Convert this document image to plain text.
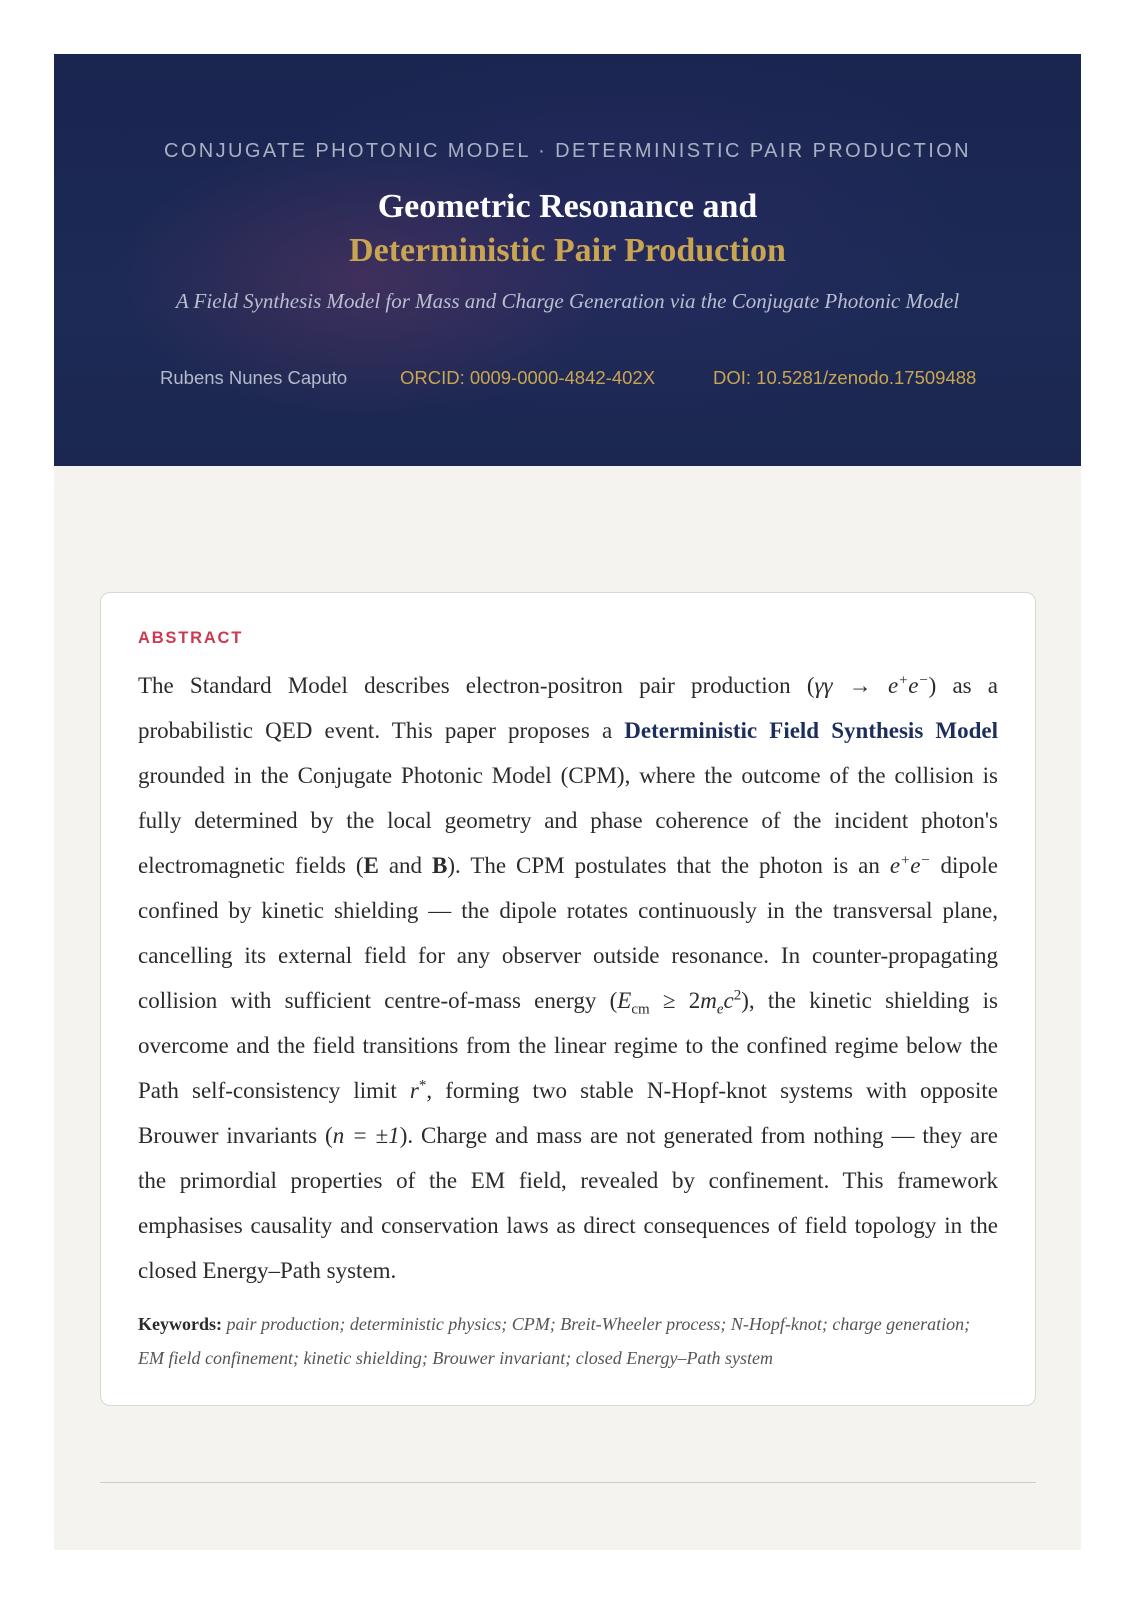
CONJUGATE PHOTONIC MODEL · DETERMINISTIC PAIR PRODUCTION
Geometric Resonance and
Deterministic Pair Production
A Field Synthesis Model for Mass and Charge Generation via the Conjugate Photonic Model
Rubens Nunes Caputo	ORCID: 0009-0000-4842-402X	DOI: 10.5281/zenodo.17509488
ABSTRACT
The Standard Model describes electron-positron pair production (γγ → e+e−) as a probabilistic QED event. This paper proposes a Deterministic Field Synthesis Model grounded in the Conjugate Photonic Model (CPM), where the outcome of the collision is fully determined by the local geometry and phase coherence of the incident photon's electromagnetic fields (E and B). The CPM postulates that the photon is an e+e− dipole confined by kinetic shielding — the dipole rotates continuously in the transversal plane, cancelling its external field for any observer outside resonance. In counter-propagating collision with sufficient centre-of-mass energy $(E_{cm} \ge 2m_ec^2)$, the kinetic shielding is overcome and the field transitions from the linear regime to the confined regime below the Path self-consistency limit r*, forming two stable N-Hopf-knot systems with opposite Brouwer invariants (n = ±1). Charge and mass are not generated from nothing — they are the primordial properties of the EM field, revealed by confinement. This framework emphasises causality and conservation laws as direct consequences of field topology in the closed Energy–Path system.
Keywords: pair production; deterministic physics; CPM; Breit-Wheeler process; N-Hopf-knot; charge generation; EM field confinement; kinetic shielding; Brouwer invariant; closed Energy–Path system
